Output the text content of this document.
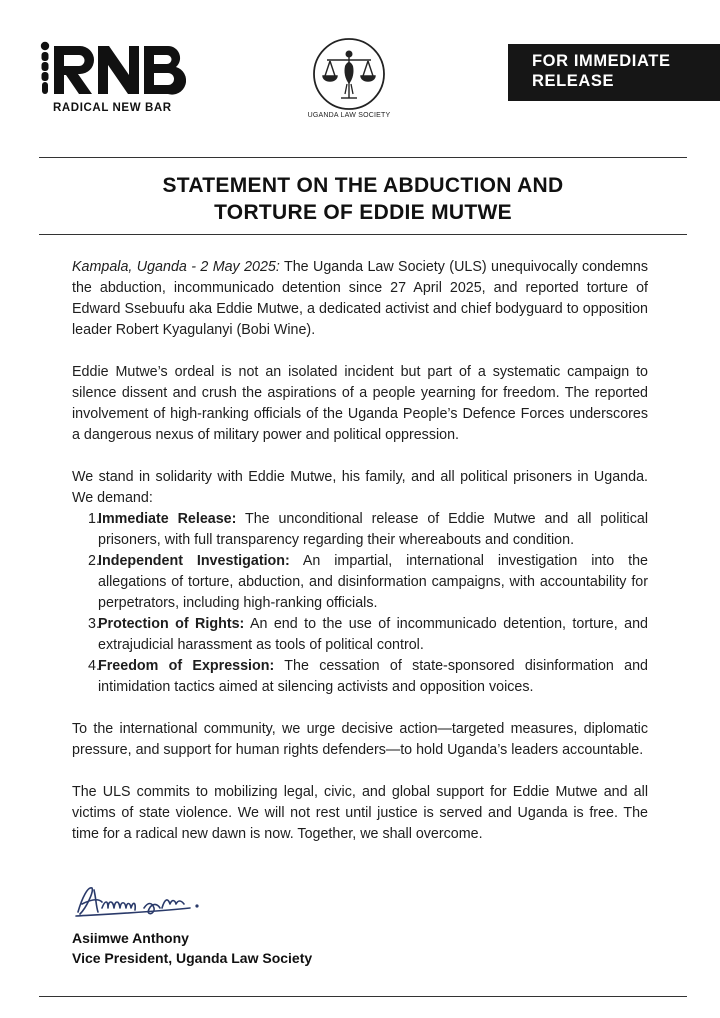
RADICAL NEW BAR
UGANDA LAW SOCIETY
FOR IMMEDIATE
RELEASE
STATEMENT ON THE ABDUCTION AND
TORTURE OF EDDIE MUTWE

Kampala, Uganda - 2 May 2025: The Uganda Law Society (ULS) unequivocally condemns the abduction, incommunicado detention since 27 April 2025, and reported torture of Edward Ssebuufu aka Eddie Mutwe, a dedicated activist and chief bodyguard to opposition leader Robert Kyagulanyi (Bobi Wine).

Eddie Mutwe’s ordeal is not an isolated incident but part of a systematic campaign to silence dissent and crush the aspirations of a people yearning for freedom. The reported involvement of high-ranking officials of the Uganda People’s Defence Forces underscores a dangerous nexus of military power and political oppression.

We stand in solidarity with Eddie Mutwe, his family, and all political prisoners in Uganda. We demand:

1.
Immediate Release: The unconditional release of Eddie Mutwe and all political prisoners, with full transparency regarding their whereabouts and condition.
2.
Independent Investigation: An impartial, international investigation into the allegations of torture, abduction, and disinformation campaigns, with accountability for perpetrators, including high-ranking officials.
3.
Protection of Rights: An end to the use of incommunicado detention, torture, and extrajudicial harassment as tools of political control.
4.
Freedom of Expression: The cessation of state-sponsored disinformation and intimidation tactics aimed at silencing activists and opposition voices.

To the international community, we urge decisive action—targeted measures, diplomatic pressure, and support for human rights defenders—to hold Uganda’s leaders accountable.

The ULS commits to mobilizing legal, civic, and global support for Eddie Mutwe and all victims of state violence. We will not rest until justice is served and Uganda is free. The time for a radical new dawn is now. Together, we shall overcome.

Asiimwe Anthony
Vice President, Uganda Law Society
